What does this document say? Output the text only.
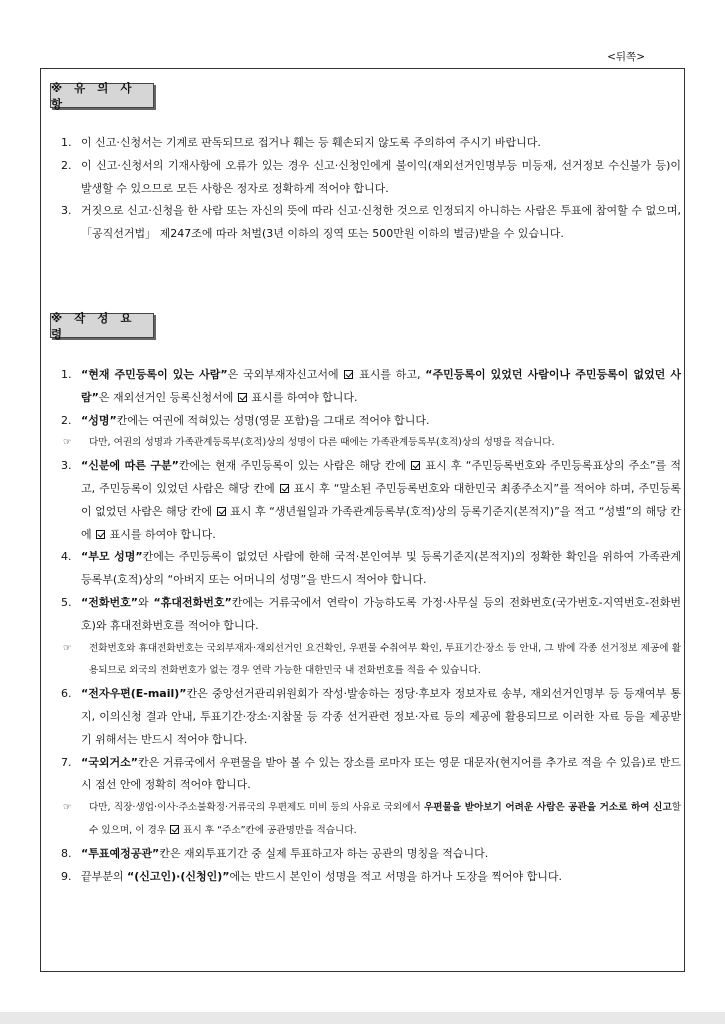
<뒤쪽>
※ 유 의 사 항
1. 이 신고·신청서는 기계로 판독되므로 접거나 훼는 등 훼손되지 않도록 주의하여 주시기 바랍니다.
2. 이 신고·신청서의 기재사항에 오류가 있는 경우 신고·신청인에게 불이익(재외선거인명부등 미등재, 선거정보 수신불가 등)이 발생할 수 있으므로 모든 사항은 정자로 정확하게 적어야 합니다.
3. 거짓으로 신고·신청을 한 사람 또는 자신의 뜻에 따라 신고·신청한 것으로 인정되지 아니하는 사람은 투표에 참여할 수 없으며, 「공직선거법」 제247조에 따라 처벌(3년 이하의 징역 또는 500만원 이하의 벌금)받을 수 있습니다.
※ 작 성 요 령
1. “현재 주민등록이 있는 사람”은 국외부재자신고서에  표시를 하고, “주민등록이 있었던 사람이나 주민등록이 없었던 사람”은 재외선거인 등록신청서에  표시를 하여야 합니다.
2. “성명”칸에는 여권에 적혀있는 성명(영문 포함)을 그대로 적어야 합니다.
☞ 다만, 여권의 성명과 가족관계등록부(호적)상의 성명이 다른 때에는 가족관계등록부(호적)상의 성명을 적습니다.
3. “신분에 따른 구분”칸에는 현재 주민등록이 있는 사람은 해당 칸에  표시 후 “주민등록번호와 주민등록표상의 주소”를 적고, 주민등록이 있었던 사람은 해당 칸에  표시 후 “말소된 주민등록번호와 대한민국 최종주소지”를 적어야 하며, 주민등록이 없었던 사람은 해당 칸에  표시 후 “생년월일과 가족관계등록부(호적)상의 등록기준지(본적지)”을 적고 “성별”의 해당 칸에  표시를 하여야 합니다.
4. “부모 성명”칸에는 주민등록이 없었던 사람에 한해 국적·본인여부 및 등록기준지(본적지)의 정확한 확인을 위하여 가족관계등록부(호적)상의 “아버지 또는 어머니의 성명”을 반드시 적어야 합니다.
5. “전화번호”와 “휴대전화번호”칸에는 거류국에서 연락이 가능하도록 가정·사무실 등의 전화번호(국가번호-지역번호-전화번호)와 휴대전화번호를 적어야 합니다.
☞ 전화번호와 휴대전화번호는 국외부재자·재외선거인 요건확인, 우편물 수취여부 확인, 투표기간·장소 등 안내, 그 밖에 각종 선거정보 제공에 활용되므로 외국의 전화번호가 없는 경우 연락 가능한 대한민국 내 전화번호를 적을 수 있습니다.
6. “전자우편(E-mail)”칸은 중앙선거관리위원회가 작성·발송하는 정당·후보자 정보자료 송부, 재외선거인명부 등 등재여부 통지, 이의신청 결과 안내, 투표기간·장소·지참물 등 각종 선거관련 정보·자료 등의 제공에 활용되므로 이러한 자료 등을 제공받기 위해서는 반드시 적어야 합니다.
7. “국외거소”칸은 거류국에서 우편물을 받아 볼 수 있는 장소를 로마자 또는 영문 대문자(현지어를 추가로 적을 수 있음)로 반드시 점선 안에 정확히 적어야 합니다.
☞ 다만, 직장·생업·이사·주소불확정·거류국의 우편제도 미비 등의 사유로 국외에서 우편물을 받아보기 어려운 사람은 공관을 거소로 하여 신고할 수 있으며, 이 경우  표시 후 “주소”칸에 공관명만을 적습니다.
8. “투표예정공관”칸은 재외투표기간 중 실제 투표하고자 하는 공관의 명칭을 적습니다.
9. 끝부분의 “(신고인)·(신청인)”에는 반드시 본인이 성명을 적고 서명을 하거나 도장을 찍어야 합니다.
